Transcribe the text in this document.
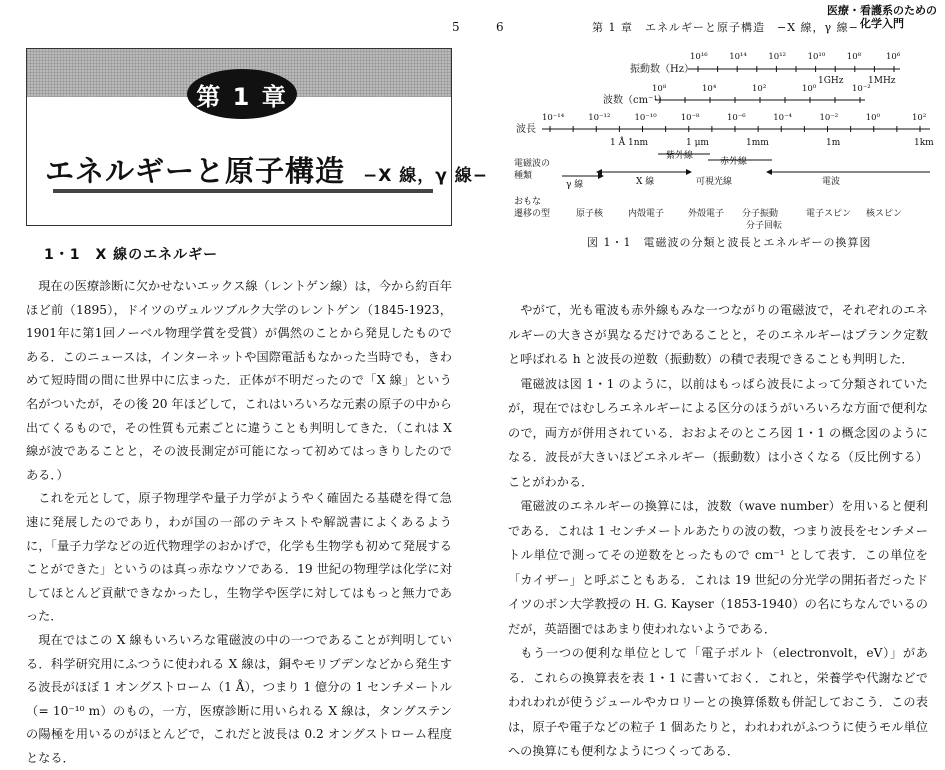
5
第 1 章
エネルギーと原子構造 −X 線，γ 線−
1・1　X 線のエネルギー

現在の医療診断に欠かせないエックス線（レントゲン線）は，今から約百年ほど前（1895），ドイツのヴュルツブルク大学のレントゲン（1845-1923，1901年に第1回ノーベル物理学賞を受賞）が偶然のことから発見したものである．このニュースは，インターネットや国際電話もなかった当時でも，きわめて短時間の間に世界中に広まった．正体が不明だったので「X 線」という名がついたが，その後 20 年ほどして，これはいろいろな元素の原子の中から出てくるもので，その性質も元素ごとに違うことも判明してきた．（これは X 線が波であることと，その波長測定が可能になって初めてはっきりしたのである．）

これを元として，原子物理学や量子力学がようやく確固たる基礎を得て急速に発展したのであり，わが国の一部のテキストや解説書によくあるように，「量子力学などの近代物理学のおかげで，化学も生物学も初めて発展することができた」というのは真っ赤なウソである．19 世紀の物理学は化学に対してほとんど貢献できなかったし，生物学や医学に対してはもっと無力であった．

現在ではこの X 線もいろいろな電磁波の中の一つであることが判明している．科学研究用にふつうに使われる X 線は，銅やモリブデンなどから発生する波長がほぼ 1 オングストローム（1 Å），つまり 1 億分の 1 センチメートル（= 10⁻¹⁰ m）のもの，一方，医療診断に用いられる X 線は，タングステンの陽極を用いるのがほとんどで，これだと波長は 0.2 オングストローム程度となる．

6	第 1 章　エネルギーと原子構造　−X 線，γ 線−
医療・看護系のための
化学入門
振動数（Hz）
10¹⁶	10¹⁴	10¹²	10¹⁰	10⁸	10⁶
1GHz	1MHz
波数（cm⁻¹）
10⁸	10⁴	10²	10⁰	10⁻²
波長
10⁻¹⁴	10⁻¹²	10⁻¹⁰	10⁻⁸	10⁻⁶	10⁻⁴	10⁻²	10⁰	10²
1 Å 1nm	1 μm	1mm	1m	1km
紫外線
赤外線
電磁波の
種類
γ 線	X 線	可視光線	電波
おもな
遷移の型	原子核	内殻電子	外殻電子 分子振動
分子回転
電子スピン 核スピン
図 1・1　電磁波の分類と波長とエネルギーの換算図

やがて，光も電波も赤外線もみな一つながりの電磁波で，それぞれのエネルギーの大きさが異なるだけであることと，そのエネルギーはプランク定数と呼ばれる h と波長の逆数（振動数）の積で表現できることも判明した．

電磁波は図 1・1 のように，以前はもっぱら波長によって分類されていたが，現在ではむしろエネルギーによる区分のほうがいろいろな方面で便利なので，両方が併用されている．おおよそのところ図 1・1 の概念図のようになる．波長が大きいほどエネルギー（振動数）は小さくなる（反比例する）ことがわかる．

電磁波のエネルギーの換算には，波数（wave number）を用いると便利である．これは 1 センチメートルあたりの波の数，つまり波長をセンチメートル単位で測ってその逆数をとったもので cm⁻¹ として表す．この単位を「カイザー」と呼ぶこともある．これは 19 世紀の分光学の開拓者だったドイツのボン大学教授の H. G. Kayser（1853-1940）の名にちなんでいるのだが，英語圏ではあまり使われないようである．

もう一つの便利な単位として「電子ボルト（electronvolt，eV）」がある．これらの換算表を表 1・1 に書いておく．これと，栄養学や代謝などでわれわれが使うジュールやカロリーとの換算係数も併記しておこう．この表は，原子や電子などの粒子 1 個あたりと，われわれがふつうに使うモル単位への換算にも便利なようにつくってある．
